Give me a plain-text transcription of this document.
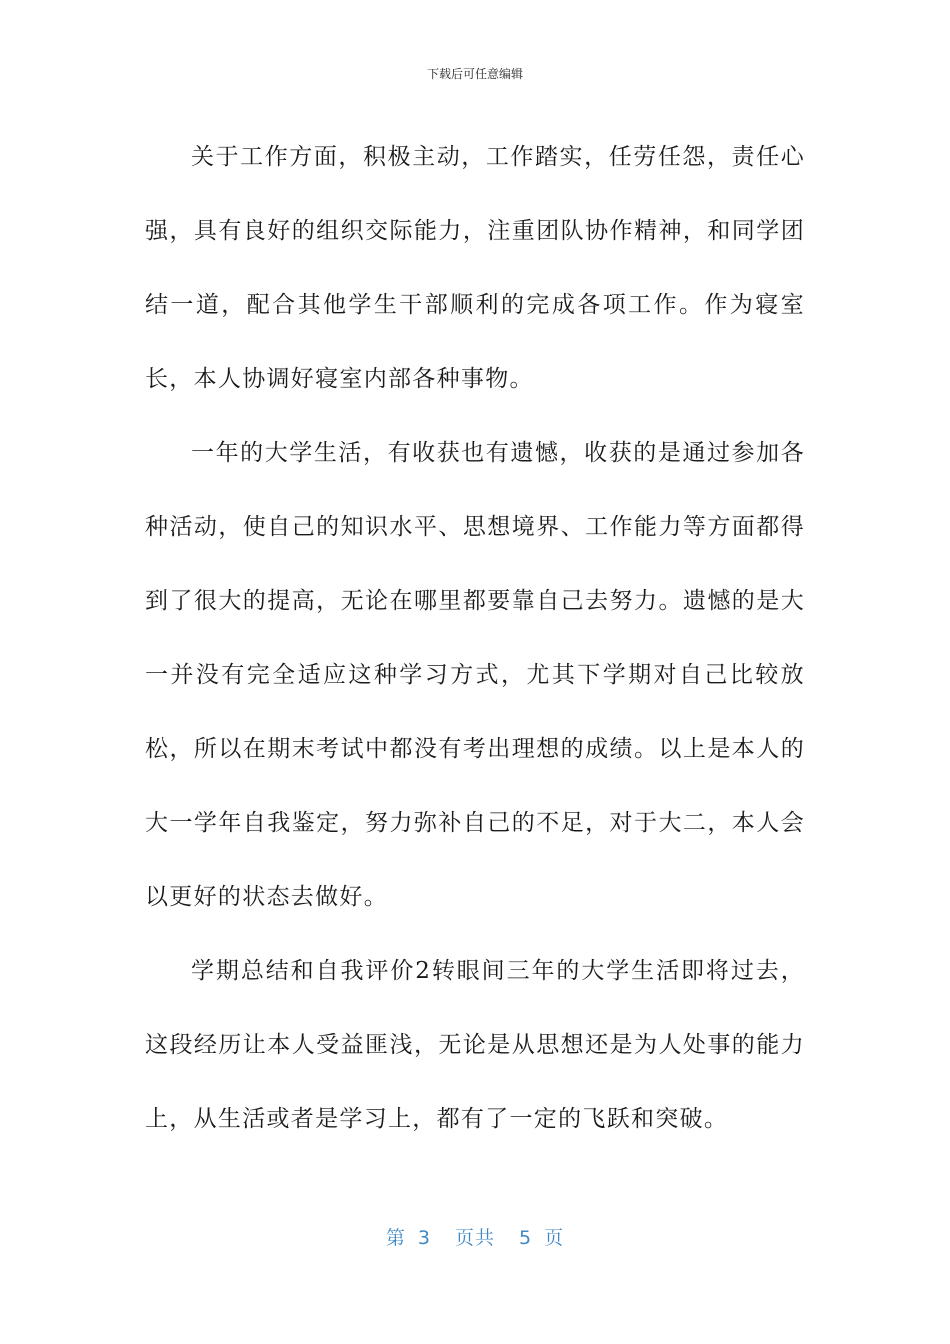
下载后可任意编辑

关于工作方面，积极主动，工作踏实，任劳任怨，责任心强，具有良好的组织交际能力，注重团队协作精神，和同学团结一道，配合其他学生干部顺利的完成各项工作。作为寝室长，本人协调好寝室内部各种事物。

一年的大学生活，有收获也有遗憾，收获的是通过参加各种活动，使自己的知识水平、思想境界、工作能力等方面都得到了很大的提高，无论在哪里都要靠自己去努力。遗憾的是大一并没有完全适应这种学习方式，尤其下学期对自己比较放松，所以在期末考试中都没有考出理想的成绩。以上是本人的大一学年自我鉴定，努力弥补自己的不足，对于大二，本人会以更好的状态去做好。

学期总结和自我评价2转眼间三年的大学生活即将过去，这段经历让本人受益匪浅，无论是从思想还是为人处事的能力上，从生活或者是学习上，都有了一定的飞跃和突破。

第 3 页共 5 页
